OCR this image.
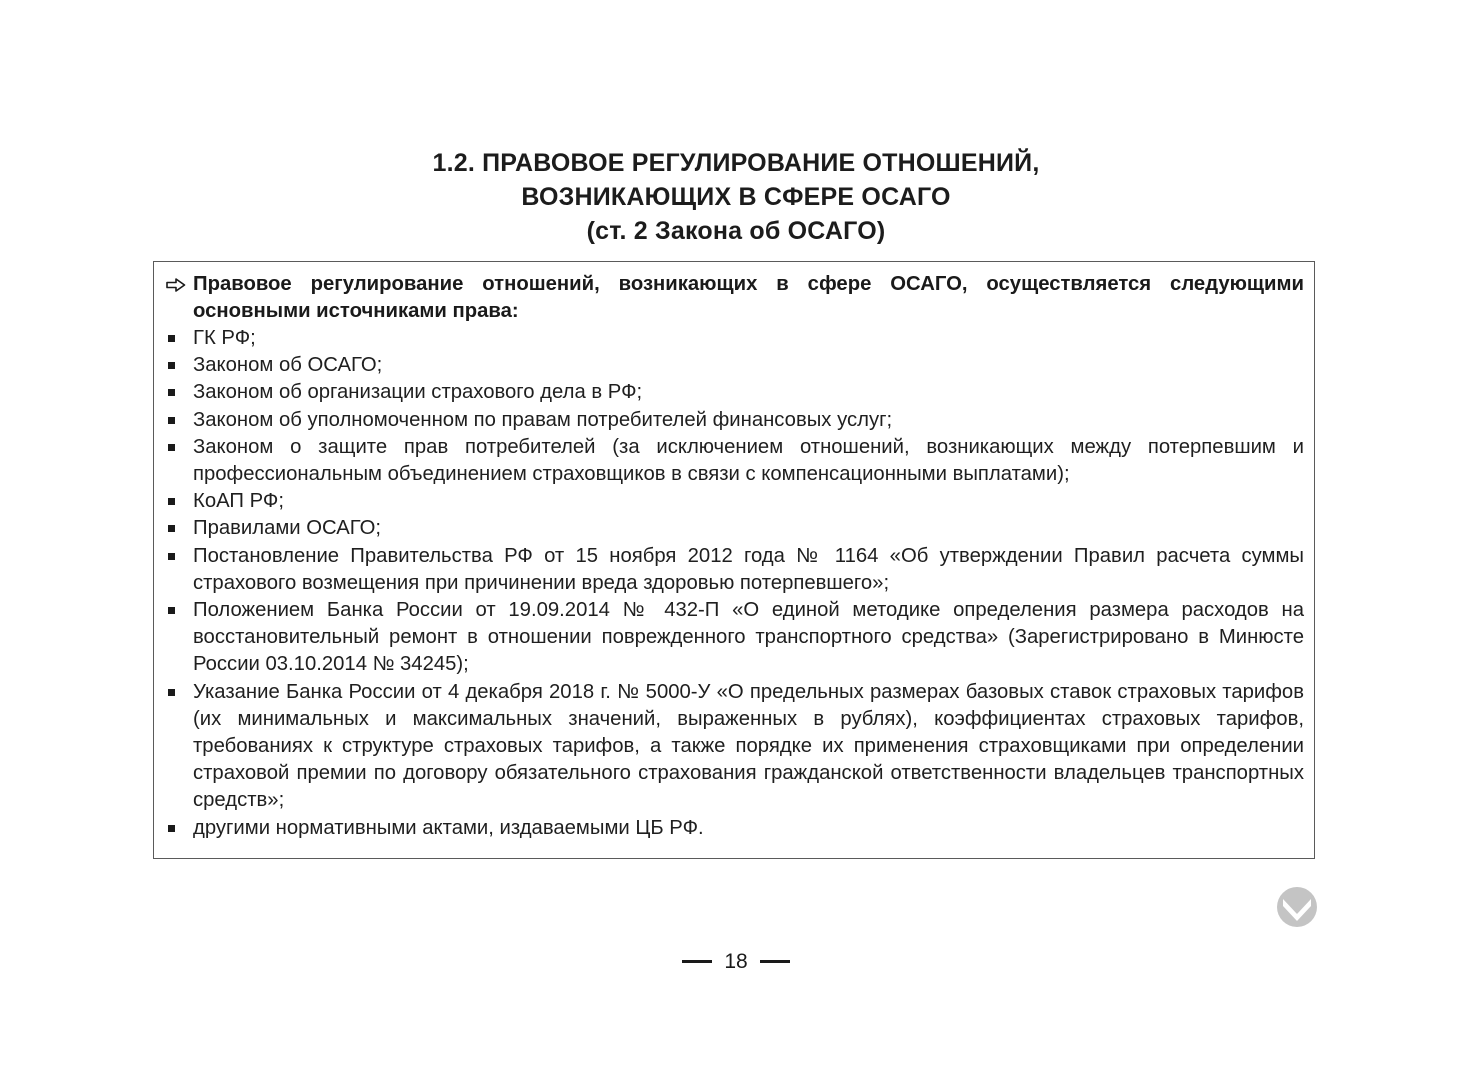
1.2. ПРАВОВОЕ РЕГУЛИРОВАНИЕ ОТНОШЕНИЙ,
ВОЗНИКАЮЩИХ В СФЕРЕ ОСАГО
(ст. 2 Закона об ОСАГО)
Правовое регулирование отношений, возникающих в сфере ОСАГО, осуществляется следующими основными источниками права:
ГК РФ;
Законом об ОСАГО;
Законом об организации страхового дела в РФ;
Законом об уполномоченном по правам потребителей финансовых услуг;
Законом о защите прав потребителей (за исключением отношений, возникающих между потерпевшим и профессиональным объединением страховщиков в связи с компенсационными выплатами);
КоАП РФ;
Правилами ОСАГО;
Постановление Правительства РФ от 15 ноября 2012 года № 1164 «Об утверждении Правил расчета суммы страхового возмещения при причинении вреда здоровью потерпевшего»;
Положением Банка России от 19.09.2014 № 432-П «О единой методике определения размера расходов на восстановительный ремонт в отношении поврежденного транспортного средства» (Зарегистрировано в Минюсте России 03.10.2014 № 34245);
Указание Банка России от 4 декабря 2018 г. № 5000-У «О предельных размерах базовых ставок страховых тарифов (их минимальных и максимальных значений, выраженных в рублях), коэффициентах страховых тарифов, требованиях к структуре страховых тарифов, а также порядке их применения страховщиками при определении страховой премии по договору обязательного страхования гражданской ответственности владельцев транспортных средств»;
другими нормативными актами, издаваемыми ЦБ РФ.
18
